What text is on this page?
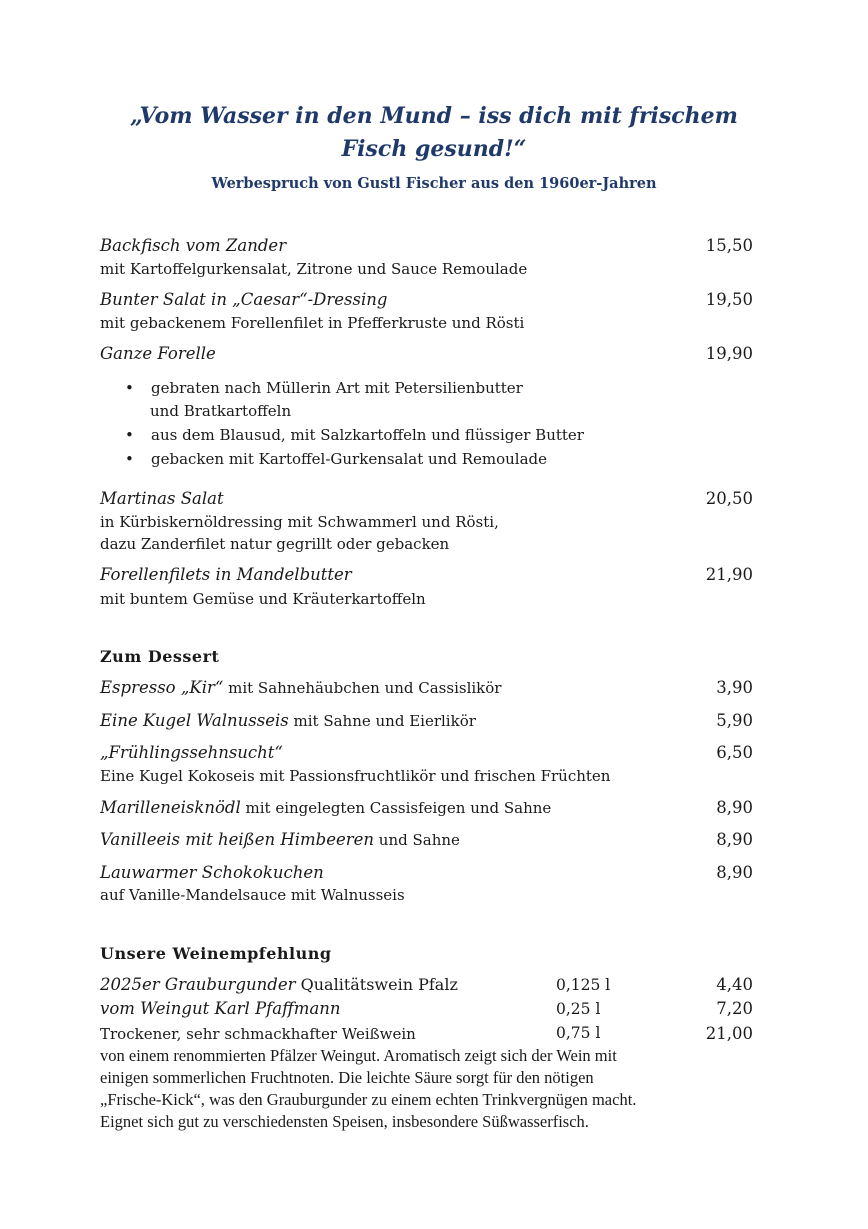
„Vom Wasser in den Mund – iss dich mit frischem
Fisch gesund!“
Werbespruch von Gustl Fischer aus den 1960er-Jahren
Backfisch vom Zander	15,50
mit Kartoffelgurkensalat, Zitrone und Sauce Remoulade
Bunter Salat in „Caesar“-Dressing	19,50
mit gebackenem Forellenfilet in Pfefferkruste und Rösti
Ganze Forelle	19,90
• gebraten nach Müllerin Art mit Petersilienbutter
und Bratkartoffeln
• aus dem Blausud, mit Salzkartoffeln und flüssiger Butter
• gebacken mit Kartoffel-Gurkensalat und Remoulade
Martinas Salat	20,50
in Kürbiskernöldressing mit Schwammerl und Rösti,
dazu Zanderfilet natur gegrillt oder gebacken
Forellenfilets in Mandelbutter	21,90
mit buntem Gemüse und Kräuterkartoffeln
Zum Dessert
Espresso „Kir“ mit Sahnehäubchen und Cassislikör	3,90
Eine Kugel Walnusseis mit Sahne und Eierlikör	5,90
„Frühlingssehnsucht“	6,50
Eine Kugel Kokoseis mit Passionsfruchtlikör und frischen Früchten
Marilleneisknödl mit eingelegten Cassisfeigen und Sahne	8,90
Vanilleeis mit heißen Himbeeren und Sahne	8,90
Lauwarmer Schokokuchen	8,90
auf Vanille-Mandelsauce mit Walnusseis
Unsere Weinempfehlung
2025er Grauburgunder Qualitätswein Pfalz	0,125 l	4,40
vom Weingut Karl Pfaffmann	0,25 l	7,20
Trockener, sehr schmackhafter Weißwein	0,75 l	21,00
von einem renommierten Pfälzer Weingut. Aromatisch zeigt sich der Wein mit
einigen sommerlichen Fruchtnoten. Die leichte Säure sorgt für den nötigen
„Frische-Kick“, was den Grauburgunder zu einem echten Trinkvergnügen macht.
Eignet sich gut zu verschiedensten Speisen, insbesondere Süßwasserfisch.
